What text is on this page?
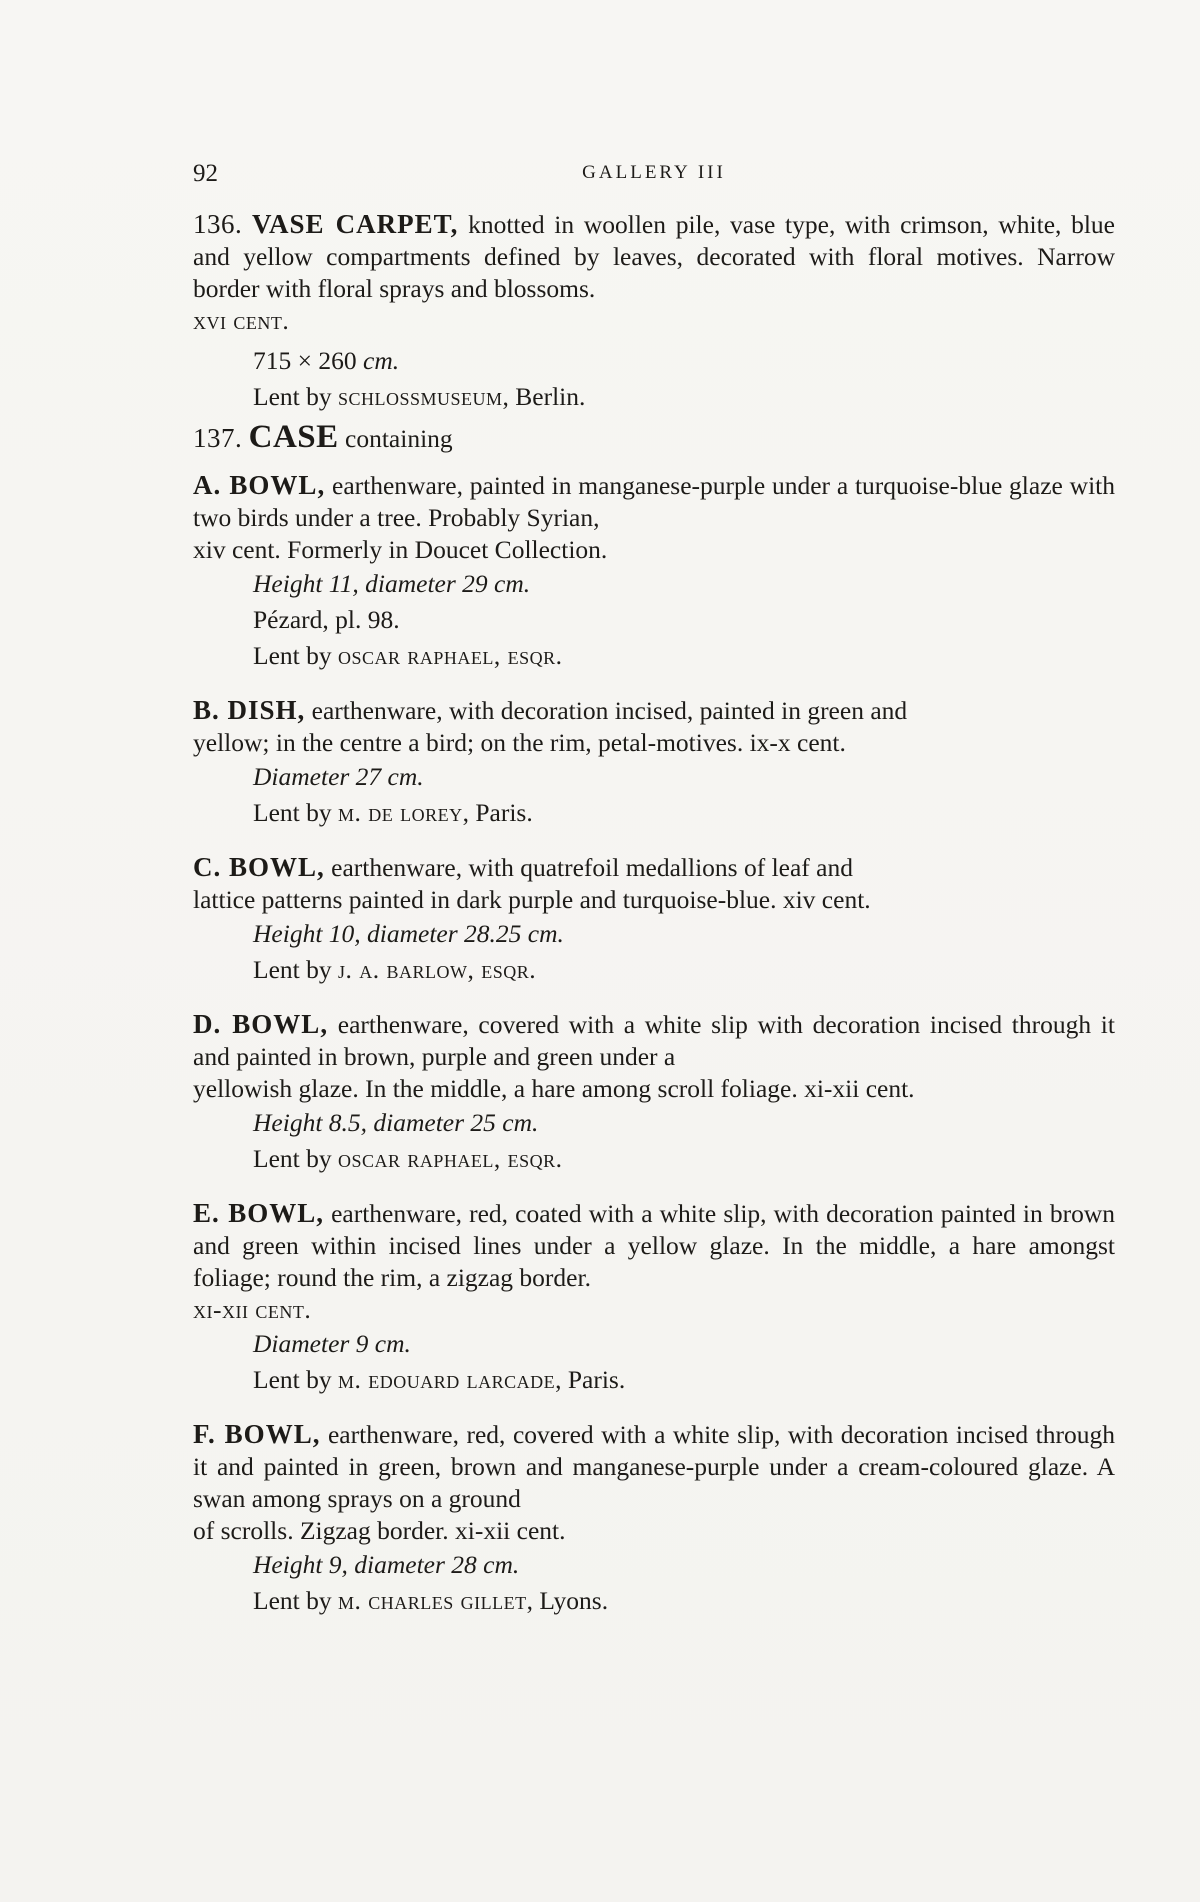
92	GALLERY III

136. VASE CARPET, knotted in woollen pile, vase type, with crimson, white, blue and yellow compartments defined by leaves, decorated with floral motives. Narrow border with floral sprays and blossoms.
xvi cent.

715 × 260 cm.

Lent by schlossmuseum, Berlin.

137. CASE containing

A. BOWL, earthenware, painted in manganese-purple under a turquoise-blue glaze with two birds under a tree. Probably Syrian,
xiv cent. Formerly in Doucet Collection.

Height 11, diameter 29 cm.

Pézard, pl. 98.

Lent by oscar raphael, esqr.

B. DISH, earthenware, with decoration incised, painted in green and
yellow; in the centre a bird; on the rim, petal-motives. ix-x cent.

Diameter 27 cm.

Lent by m. de lorey, Paris.

C. BOWL, earthenware, with quatrefoil medallions of leaf and
lattice patterns painted in dark purple and turquoise-blue. xiv cent.

Height 10, diameter 28.25 cm.

Lent by j. a. barlow, esqr.

D. BOWL, earthenware, covered with a white slip with decoration incised through it and painted in brown, purple and green under a
yellowish glaze. In the middle, a hare among scroll foliage. xi-xii cent.

Height 8.5, diameter 25 cm.

Lent by oscar raphael, esqr.

E. BOWL, earthenware, red, coated with a white slip, with decoration painted in brown and green within incised lines under a yellow glaze. In the middle, a hare amongst foliage; round the rim, a zigzag border.
xi-xii cent.

Diameter 9 cm.

Lent by m. edouard larcade, Paris.

F. BOWL, earthenware, red, covered with a white slip, with decoration incised through it and painted in green, brown and manganese-purple under a cream-coloured glaze. A swan among sprays on a ground
of scrolls. Zigzag border. xi-xii cent.

Height 9, diameter 28 cm.

Lent by m. charles gillet, Lyons.
